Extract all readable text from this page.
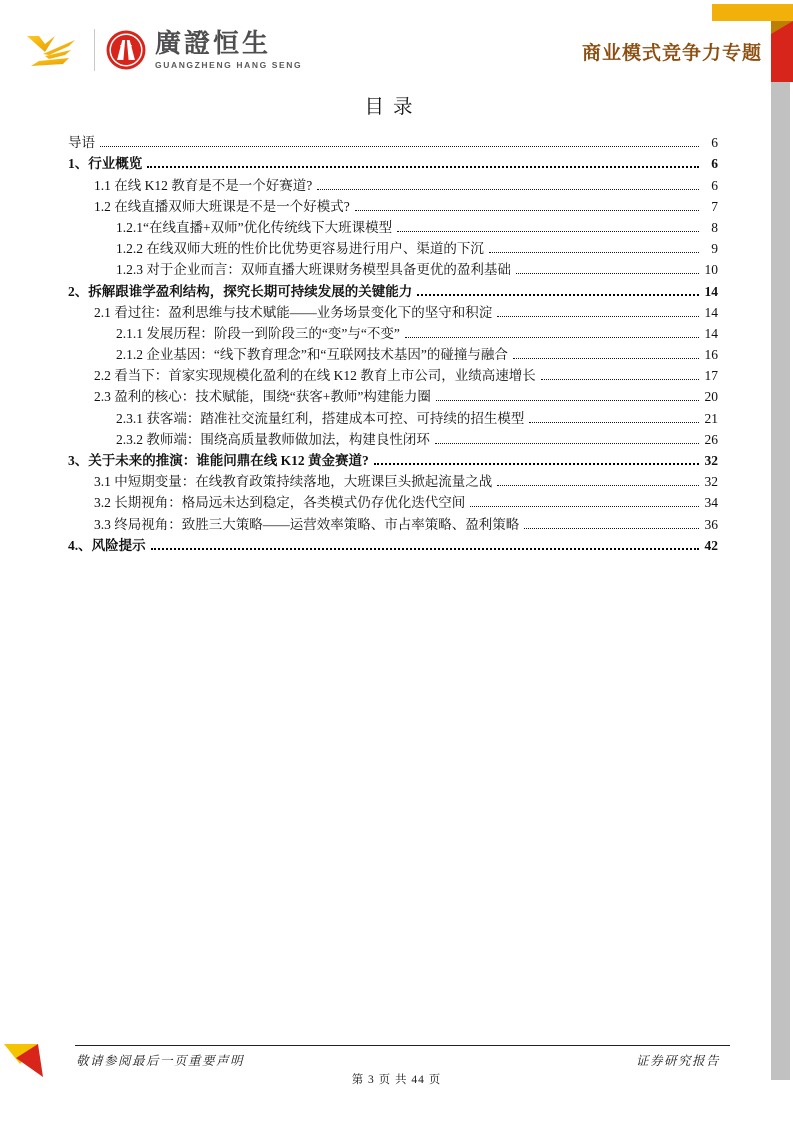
廣證恒生
GUANGZHENG HANG SENG
商业模式竞争力专题
目录
导语	6
1、行业概览	6
1.1 在线 K12 教育是不是一个好赛道?	6
1.2 在线直播双师大班课是不是一个好模式?	7
1.2.1“在线直播+双师”优化传统线下大班课模型	8
1.2.2 在线双师大班的性价比优势更容易进行用户、渠道的下沉	9
1.2.3 对于企业而言：双师直播大班课财务模型具备更优的盈利基础	10
2、拆解跟谁学盈利结构，探究长期可持续发展的关键能力	14
2.1 看过往：盈利思维与技术赋能——业务场景变化下的坚守和积淀	14
2.1.1 发展历程：阶段一到阶段三的“变”与“不变”	14
2.1.2 企业基因：“线下教育理念”和“互联网技术基因”的碰撞与融合	16
2.2 看当下：首家实现规模化盈利的在线 K12 教育上市公司，业绩高速增长	17
2.3 盈利的核心：技术赋能，围绕“获客+教师”构建能力圈	20
2.3.1 获客端：踏准社交流量红利，搭建成本可控、可持续的招生模型	21
2.3.2 教师端：围绕高质量教师做加法，构建良性闭环	26
3、关于未来的推演：谁能问鼎在线 K12 黄金赛道?	32
3.1 中短期变量：在线教育政策持续落地，大班课巨头掀起流量之战	32
3.2 长期视角：格局远未达到稳定，各类模式仍存优化迭代空间	34
3.3 终局视角：致胜三大策略——运营效率策略、市占率策略、盈利策略	36
4.、风险提示	42
敬请参阅最后一页重要声明	证券研究报告
第 3 页 共 44 页
